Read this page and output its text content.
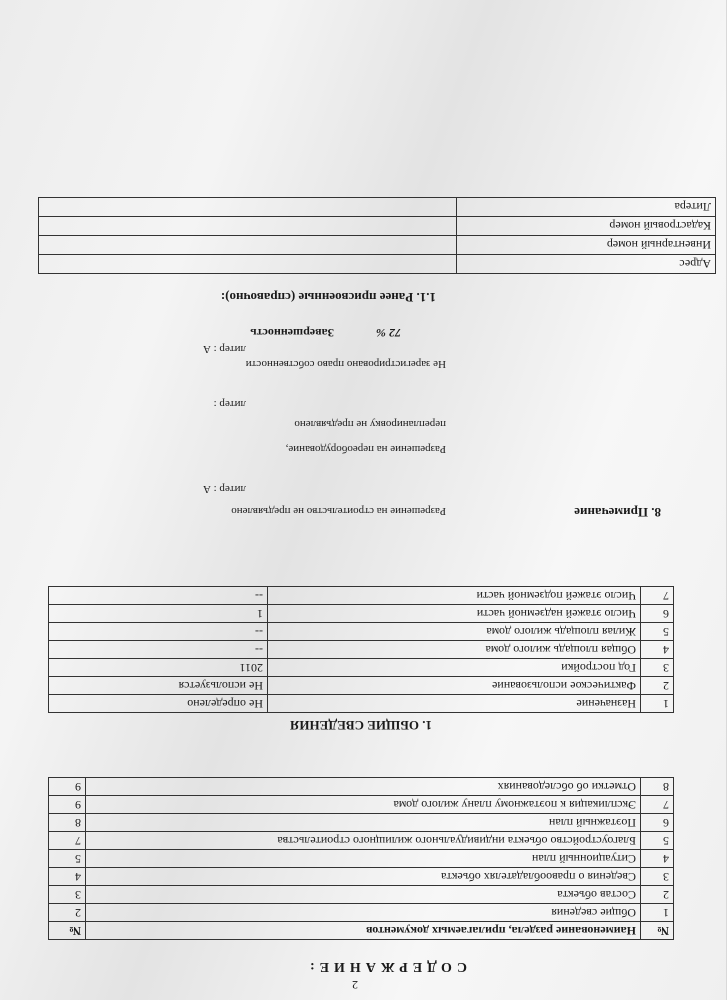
2
СОДЕРЖАНИЕ:
№	Наименование раздела, прилагаемых документов	№
1	Общие сведения	2
2	Состав объекта	3
3	Сведения о правообладателях объекта	4
4	Ситуационный план	5
5	Благоустройство объекта индивидуального жилищного строительства	7
6	Поэтажный план	8
7	Экспликация к поэтажному плану жилого дома	9
8	Отметки об обследованиях	9
1. ОБЩИЕ СВЕДЕНИЯ
1	Назначение	Не определено
2	Фактическое использование	Не используется
3	Год постройки	2011
4	Общая площадь жилого дома	--
5	Жилая площадь жилого дома	--
6	Число этажей надземной части	1
7	Число этажей подземной части	--
8. Примечание
Разрешение на строительство не предъявлено
литер : А
Разрешение на переоборудование,
перепланировку не предъявлено
литер :
Не зарегистрировано право собственности
литер : А
Завершенность	72 %
1.1. Ранее присвоенные (справочно):
Адрес	
Инвентарный номер	
Кадастровый номер	
Литера	
